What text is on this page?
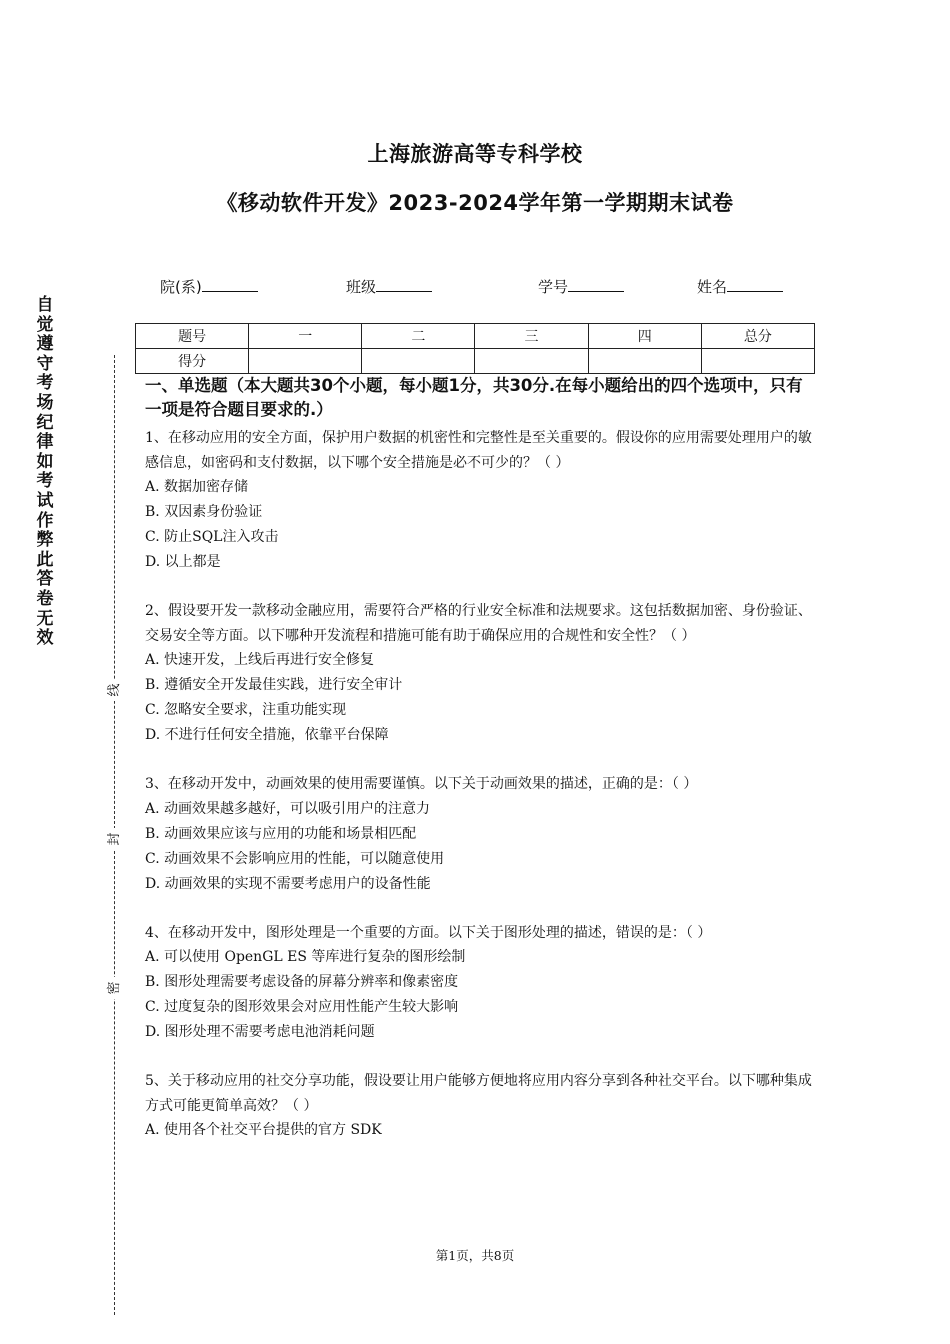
上海旅游高等专科学校
《移动软件开发》2023-2024学年第一学期期末试卷
院(系)	班级	学号	姓名
题号	一	二	三	四	总分
得分					
自觉遵守考场纪律如考试作弊此答卷无效
线
封
密
一、单选题（本大题共30个小题，每小题1分，共30分.在每小题给出的四个选项中，只有一项是符合题目要求的.）
1、在移动应用的安全方面，保护用户数据的机密性和完整性是至关重要的。假设你的应用需要处理用户的敏感信息，如密码和支付数据，以下哪个安全措施是必不可少的？（ ）
A. 数据加密存储
B. 双因素身份验证
C. 防止SQL注入攻击
D. 以上都是
2、假设要开发一款移动金融应用，需要符合严格的行业安全标准和法规要求。这包括数据加密、身份验证、交易安全等方面。以下哪种开发流程和措施可能有助于确保应用的合规性和安全性？（ ）
A. 快速开发，上线后再进行安全修复
B. 遵循安全开发最佳实践，进行安全审计
C. 忽略安全要求，注重功能实现
D. 不进行任何安全措施，依靠平台保障
3、在移动开发中，动画效果的使用需要谨慎。以下关于动画效果的描述，正确的是：（ ）
A. 动画效果越多越好，可以吸引用户的注意力
B. 动画效果应该与应用的功能和场景相匹配
C. 动画效果不会影响应用的性能，可以随意使用
D. 动画效果的实现不需要考虑用户的设备性能
4、在移动开发中，图形处理是一个重要的方面。以下关于图形处理的描述，错误的是：（ ）
A. 可以使用 OpenGL ES 等库进行复杂的图形绘制
B. 图形处理需要考虑设备的屏幕分辨率和像素密度
C. 过度复杂的图形效果会对应用性能产生较大影响
D. 图形处理不需要考虑电池消耗问题
5、关于移动应用的社交分享功能，假设要让用户能够方便地将应用内容分享到各种社交平台。以下哪种集成方式可能更简单高效？（ ）
A. 使用各个社交平台提供的官方 SDK
第1页，共8页
